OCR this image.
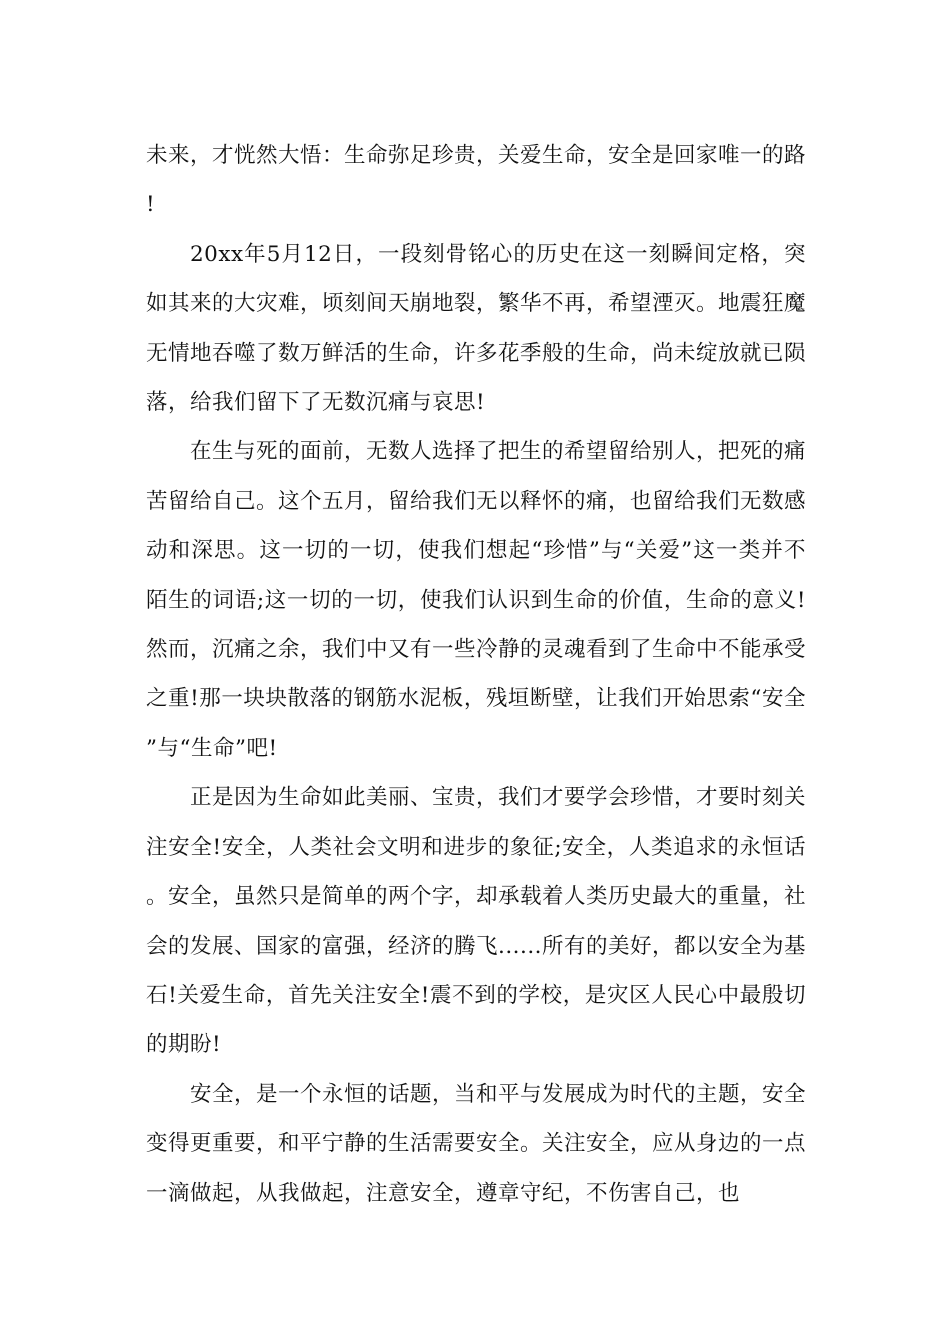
未来，才恍然大悟：生命弥足珍贵，关爱生命，安全是回家唯一的路!

20xx年5月12日，一段刻骨铭心的历史在这一刻瞬间定格，突如其来的大灾难，顷刻间天崩地裂，繁华不再，希望湮灭。地震狂魔无情地吞噬了数万鲜活的生命，许多花季般的生命，尚未绽放就已陨落，给我们留下了无数沉痛与哀思!

在生与死的面前，无数人选择了把生的希望留给别人，把死的痛苦留给自己。这个五月，留给我们无以释怀的痛，也留给我们无数感动和深思。这一切的一切，使我们想起“珍惜”与“关爱”这一类并不陌生的词语;这一切的一切，使我们认识到生命的价值，生命的意义!然而，沉痛之余，我们中又有一些冷静的灵魂看到了生命中不能承受之重!那一块块散落的钢筋水泥板，残垣断壁，让我们开始思索“安全”与“生命”吧!

正是因为生命如此美丽、宝贵，我们才要学会珍惜，才要时刻关注安全!安全，人类社会文明和进步的象征;安全，人类追求的永恒话。安全，虽然只是简单的两个字，却承载着人类历史最大的重量，社会的发展、国家的富强，经济的腾飞......所有的美好，都以安全为基石!关爱生命，首先关注安全!震不到的学校，是灾区人民心中最殷切的期盼!

安全，是一个永恒的话题，当和平与发展成为时代的主题，安全变得更重要，和平宁静的生活需要安全。关注安全，应从身边的一点一滴做起，从我做起，注意安全，遵章守纪，不伤害自己，也
